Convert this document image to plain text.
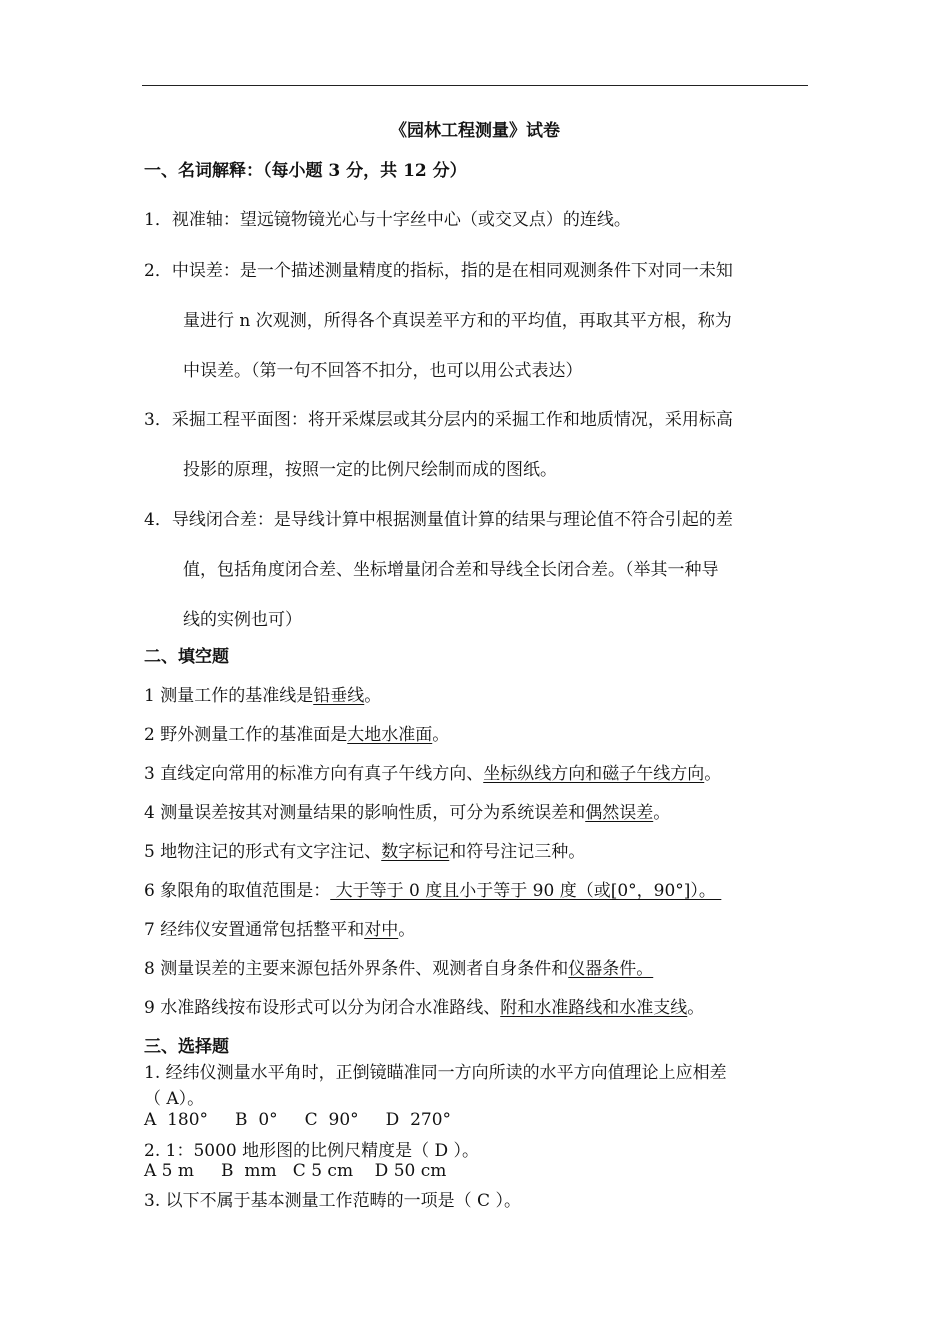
《园林工程测量》试卷
一、名词解释：（每小题 3 分，共 12 分）
1．视准轴：望远镜物镜光心与十字丝中心（或交叉点）的连线。
2．中误差：是一个描述测量精度的指标，指的是在相同观测条件下对同一未知
量进行 n 次观测，所得各个真误差平方和的平均值，再取其平方根，称为
中误差。（第一句不回答不扣分，也可以用公式表达）
3．采掘工程平面图：将开采煤层或其分层内的采掘工作和地质情况，采用标高
投影的原理，按照一定的比例尺绘制而成的图纸。
4．导线闭合差：是导线计算中根据测量值计算的结果与理论值不符合引起的差
值，包括角度闭合差、坐标增量闭合差和导线全长闭合差。（举其一种导
线的实例也可）
二、填空题
1 测量工作的基准线是铅垂线。
2 野外测量工作的基准面是大地水准面。
3 直线定向常用的标准方向有真子午线方向、坐标纵线方向和磁子午线方向。
4 测量误差按其对测量结果的影响性质，可分为系统误差和偶然误差。
5 地物注记的形式有文字注记、数字标记和符号注记三种。
6 象限角的取值范围是： 大于等于 0 度且小于等于 90 度（或[0°，90°]）。
7 经纬仪安置通常包括整平和对中。
8 测量误差的主要来源包括外界条件、观测者自身条件和仪器条件。
9 水准路线按布设形式可以分为闭合水准路线、附和水准路线和水准支线。
三、选择题
1. 经纬仪测量水平角时，正倒镜瞄准同一方向所读的水平方向值理论上应相差
（ A）。
A  180°     B  0°     C  90°     D  270°
2. 1：5000 地形图的比例尺精度是（ D ）。
A 5 m     B  mm   C 5 cm    D 50 cm
3. 以下不属于基本测量工作范畴的一项是（ C ）。
